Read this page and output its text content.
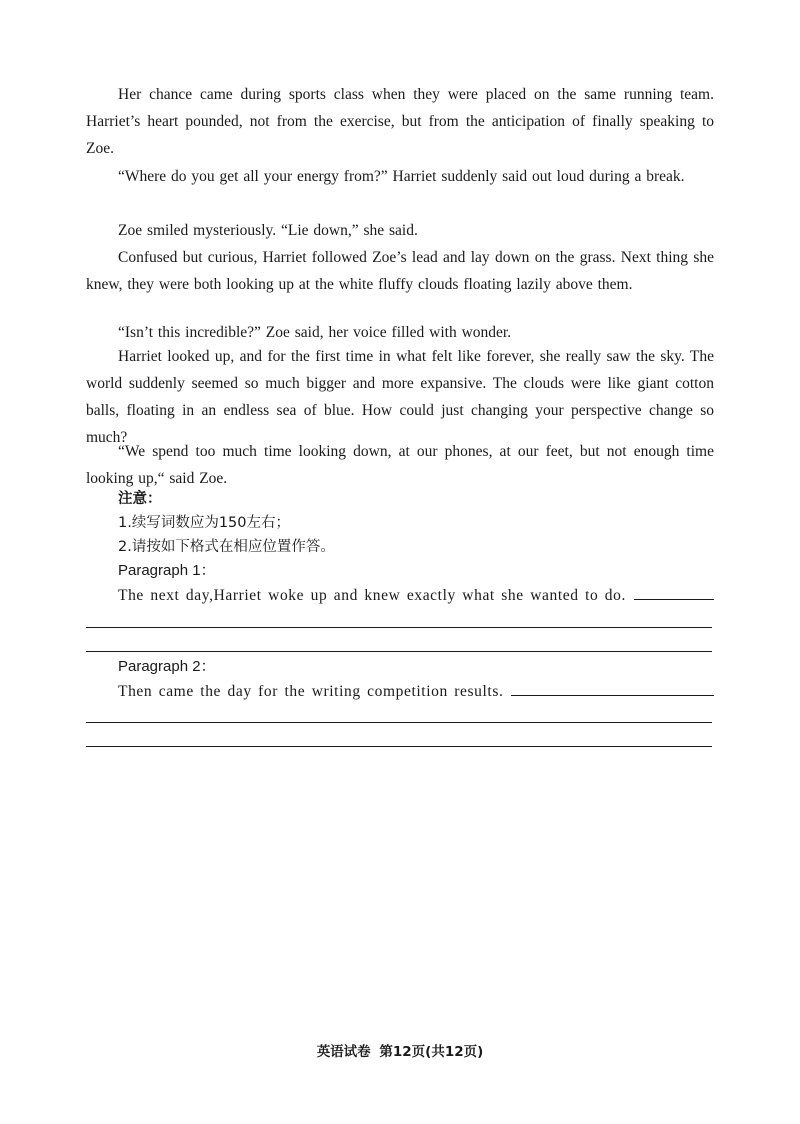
Her chance came during sports class when they were placed on the same running team. Harriet’s heart pounded, not from the exercise, but from the anticipation of finally speaking to Zoe.

“Where do you get all your energy from?” Harriet suddenly said out loud during a break.

Zoe smiled mysteriously. “Lie down,” she said.

Confused but curious, Harriet followed Zoe’s lead and lay down on the grass. Next thing she knew, they were both looking up at the white fluffy clouds floating lazily above them.

“Isn’t this incredible?” Zoe said, her voice filled with wonder.

Harriet looked up, and for the first time in what felt like forever, she really saw the sky. The world suddenly seemed so much bigger and more expansive. The clouds were like giant cotton balls, floating in an endless sea of blue. How could just changing your perspective change so much?

“We spend too much time looking down, at our phones, at our feet, but not enough time looking up,“ said Zoe.

注意：

1.续写词数应为150左右；

2.请按如下格式在相应位置作答。

Paragraph 1：

The next day,Harriet woke up and knew exactly what she wanted to do.

Paragraph 2：

Then came the day for the writing competition results.
英语试卷 第12页(共12页)
